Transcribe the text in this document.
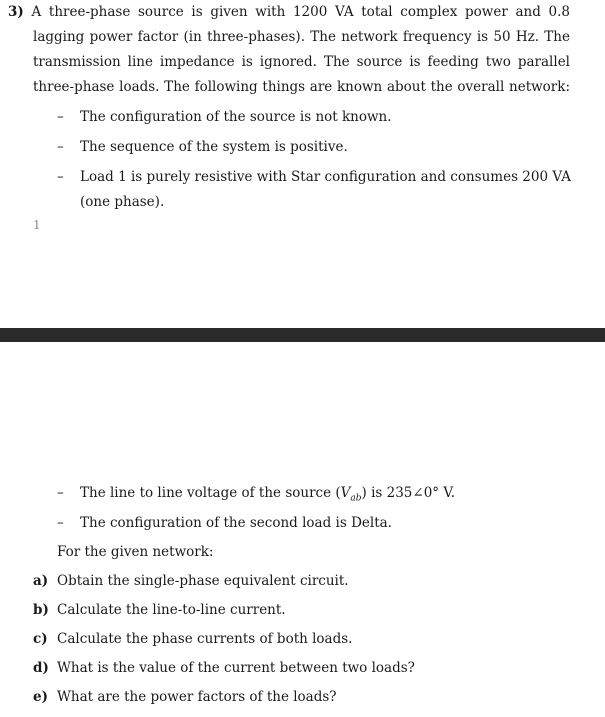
3) A three-phase source is given with 1200 VA total complex power and 0.8
lagging power factor (in three-phases). The network frequency is 50 Hz. The
transmission line impedance is ignored. The source is feeding two parallel
three-phase loads. The following things are known about the overall network:
– The configuration of the source is not known.
– The sequence of the system is positive.
– Load 1 is purely resistive with Star configuration and consumes 200 VA
(one phase).
1
– The line to line voltage of the source $(V_{ab})$ is 235∠0° V.
– The configuration of the second load is Delta.
For the given network:
a) Obtain the single-phase equivalent circuit.
b) Calculate the line-to-line current.
c) Calculate the phase currents of both loads.
d) What is the value of the current between two loads?
e) What are the power factors of the loads?
